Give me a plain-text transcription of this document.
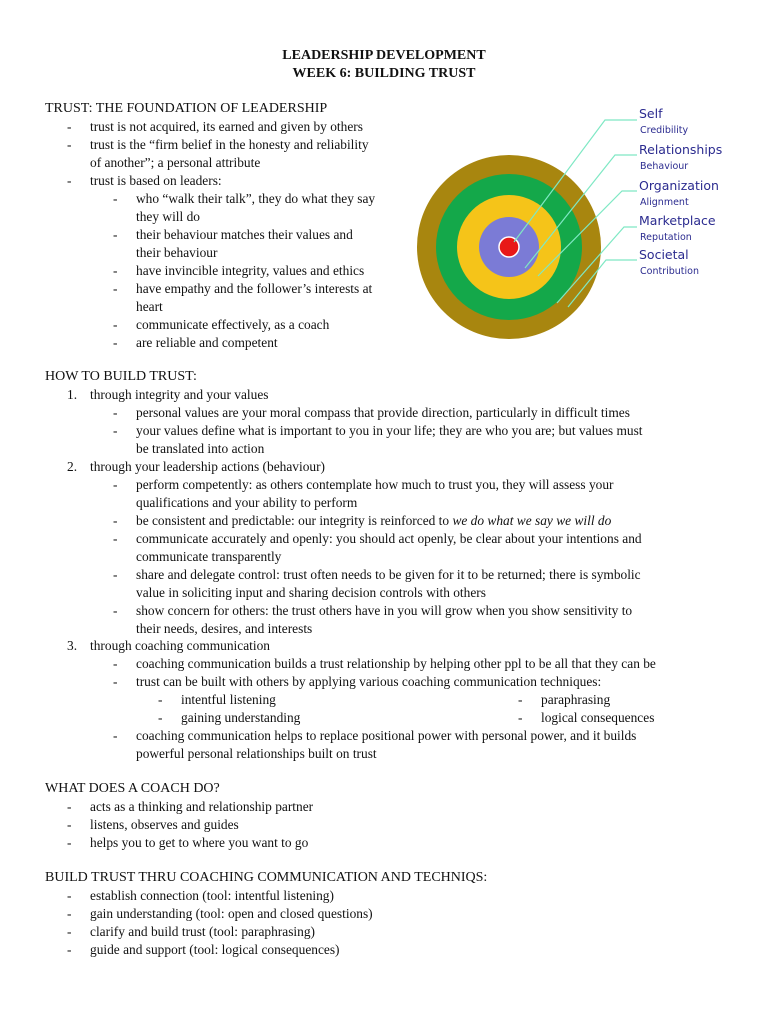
LEADERSHIP DEVELOPMENT
WEEK 6: BUILDING TRUST
TRUST: THE FOUNDATION OF LEADERSHIP
- trust is not acquired, its earned and given by others
- trust is the “firm belief in the honesty and reliability
of another”; a personal attribute
- trust is based on leaders:
- who “walk their talk”, they do what they say
they will do
- their behaviour matches their values and
their behaviour
- have invincible integrity, values and ethics
- have empathy and the follower’s interests at
heart
- communicate effectively, as a coach
- are reliable and competent
Self
Credibility
Relationships
Behaviour
Organization
Alignment
Marketplace
Reputation
Societal
Contribution
HOW TO BUILD TRUST:
1. through integrity and your values
- personal values are your moral compass that provide direction, particularly in difficult times
- your values define what is important to you in your life; they are who you are; but values must
be translated into action
2. through your leadership actions (behaviour)
- perform competently: as others contemplate how much to trust you, they will assess your
qualifications and your ability to perform
- be consistent and predictable: our integrity is reinforced to we do what we say we will do
- communicate accurately and openly: you should act openly, be clear about your intentions and
communicate transparently
- share and delegate control: trust often needs to be given for it to be returned; there is symbolic
value in soliciting input and sharing decision controls with others
- show concern for others: the trust others have in you will grow when you show sensitivity to
their needs, desires, and interests
3. through coaching communication
- coaching communication builds a trust relationship by helping other ppl to be all that they can be
- trust can be built with others by applying various coaching communication techniques:
- intentful listening
- gaining understanding
- paraphrasing
- logical consequences
- coaching communication helps to replace positional power with personal power, and it builds
powerful personal relationships built on trust
WHAT DOES A COACH DO?
- acts as a thinking and relationship partner
- listens, observes and guides
- helps you to get to where you want to go
BUILD TRUST THRU COACHING COMMUNICATION AND TECHNIQS:
- establish connection (tool: intentful listening)
- gain understanding (tool: open and closed questions)
- clarify and build trust (tool: paraphrasing)
- guide and support (tool: logical consequences)
